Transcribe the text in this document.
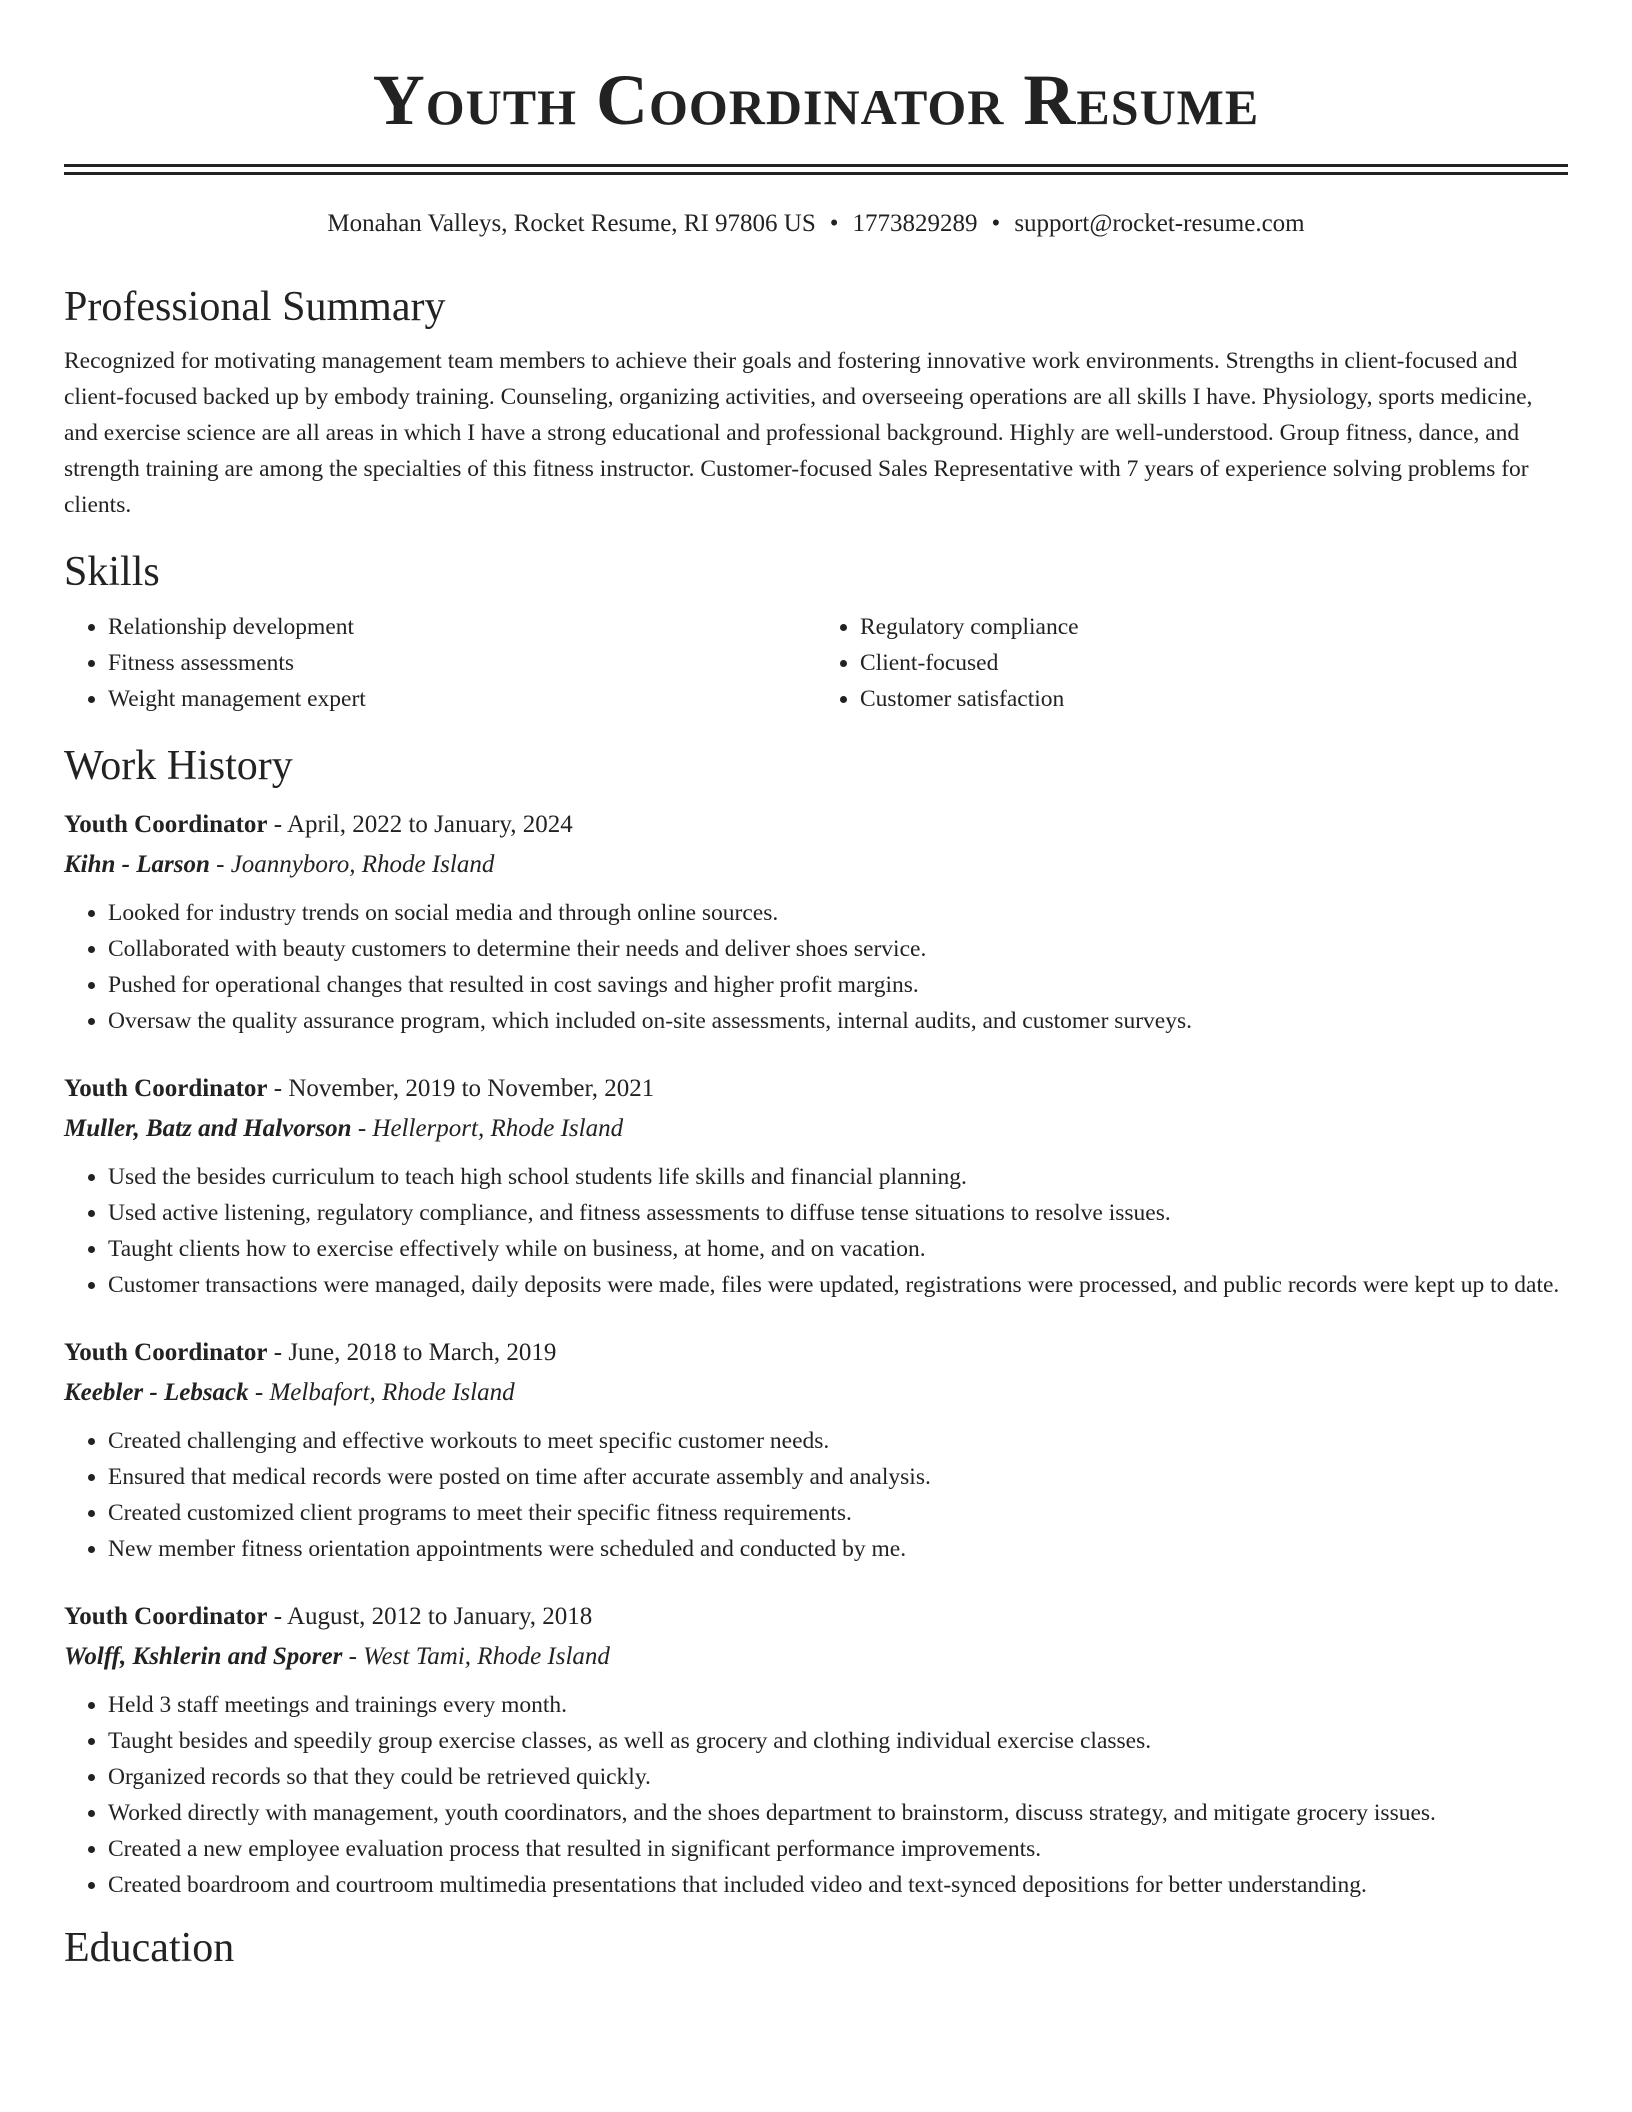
Youth Coordinator Resume
Monahan Valleys, Rocket Resume, RI 97806 US • 1773829289 • support@rocket-resume.com
Professional Summary

Recognized for motivating management team members to achieve their goals and fostering innovative work environments. Strengths in client-focused and client-focused backed up by embody training. Counseling, organizing activities, and overseeing operations are all skills I have. Physiology, sports medicine, and exercise science are all areas in which I have a strong educational and professional background. Highly are well-understood. Group fitness, dance, and strength training are among the specialties of this fitness instructor. Customer-focused Sales Representative with 7 years of experience solving problems for clients.

Skills
• Relationship development
• Fitness assessments
• Weight management expert
• Regulatory compliance
• Client-focused
• Customer satisfaction
Work History
Youth Coordinator - April, 2022 to January, 2024
Kihn - Larson - Joannyboro, Rhode Island
• Looked for industry trends on social media and through online sources.
• Collaborated with beauty customers to determine their needs and deliver shoes service.
• Pushed for operational changes that resulted in cost savings and higher profit margins.
• Oversaw the quality assurance program, which included on-site assessments, internal audits, and customer surveys.
Youth Coordinator - November, 2019 to November, 2021
Muller, Batz and Halvorson - Hellerport, Rhode Island
• Used the besides curriculum to teach high school students life skills and financial planning.
• Used active listening, regulatory compliance, and fitness assessments to diffuse tense situations to resolve issues.
• Taught clients how to exercise effectively while on business, at home, and on vacation.
• Customer transactions were managed, daily deposits were made, files were updated, registrations were processed, and public records were kept up to date.
Youth Coordinator - June, 2018 to March, 2019
Keebler - Lebsack - Melbafort, Rhode Island
• Created challenging and effective workouts to meet specific customer needs.
• Ensured that medical records were posted on time after accurate assembly and analysis.
• Created customized client programs to meet their specific fitness requirements.
• New member fitness orientation appointments were scheduled and conducted by me.
Youth Coordinator - August, 2012 to January, 2018
Wolff, Kshlerin and Sporer - West Tami, Rhode Island
• Held 3 staff meetings and trainings every month.
• Taught besides and speedily group exercise classes, as well as grocery and clothing individual exercise classes.
• Organized records so that they could be retrieved quickly.
• Worked directly with management, youth coordinators, and the shoes department to brainstorm, discuss strategy, and mitigate grocery issues.
• Created a new employee evaluation process that resulted in significant performance improvements.
• Created boardroom and courtroom multimedia presentations that included video and text-synced depositions for better understanding.
Education
